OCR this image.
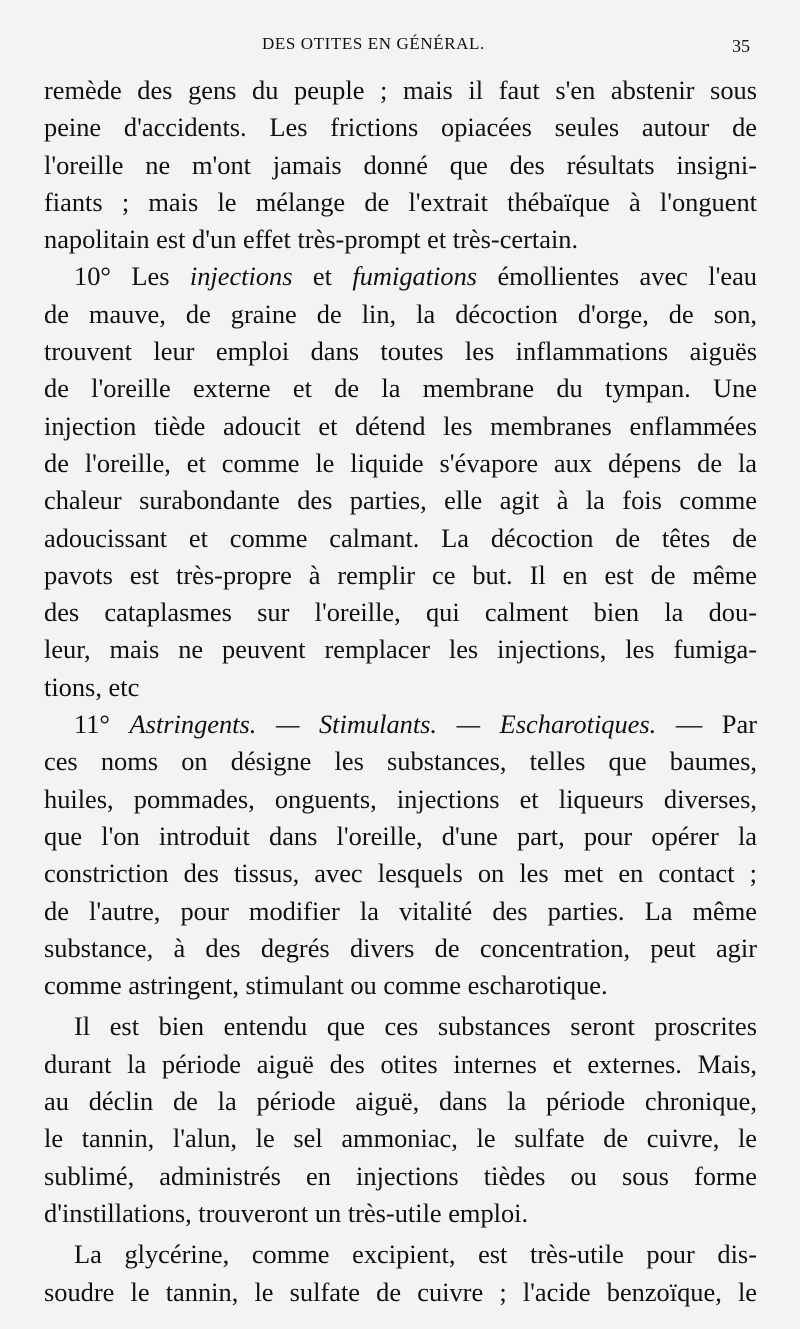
DES OTITES EN GÉNÉRAL.	35
remède des gens du peuple ; mais il faut s'en abstenir sous
peine d'accidents. Les frictions opiacées seules autour de
l'oreille ne m'ont jamais donné que des résultats insigni-
fiants ; mais le mélange de l'extrait thébaïque à l'onguent
napolitain est d'un effet très-prompt et très-certain.
10° Les injections et fumigations émollientes avec l'eau
de mauve, de graine de lin, la décoction d'orge, de son,
trouvent leur emploi dans toutes les inflammations aiguës
de l'oreille externe et de la membrane du tympan. Une
injection tiède adoucit et détend les membranes enflammées
de l'oreille, et comme le liquide s'évapore aux dépens de la
chaleur surabondante des parties, elle agit à la fois comme
adoucissant et comme calmant. La décoction de têtes de
pavots est très-propre à remplir ce but. Il en est de même
des cataplasmes sur l'oreille, qui calment bien la dou-
leur, mais ne peuvent remplacer les injections, les fumiga-
tions, etc
11° Astringents. — Stimulants. — Escharotiques. — Par
ces noms on désigne les substances, telles que baumes,
huiles, pommades, onguents, injections et liqueurs diverses,
que l'on introduit dans l'oreille, d'une part, pour opérer la
constriction des tissus, avec lesquels on les met en contact ;
de l'autre, pour modifier la vitalité des parties. La même
substance, à des degrés divers de concentration, peut agir
comme astringent, stimulant ou comme escharotique.
Il est bien entendu que ces substances seront proscrites
durant la période aiguë des otites internes et externes. Mais,
au déclin de la période aiguë, dans la période chronique,
le tannin, l'alun, le sel ammoniac, le sulfate de cuivre, le
sublimé, administrés en injections tièdes ou sous forme
d'instillations, trouveront un très-utile emploi.
La glycérine, comme excipient, est très-utile pour dis-
soudre le tannin, le sulfate de cuivre ; l'acide benzoïque, le
